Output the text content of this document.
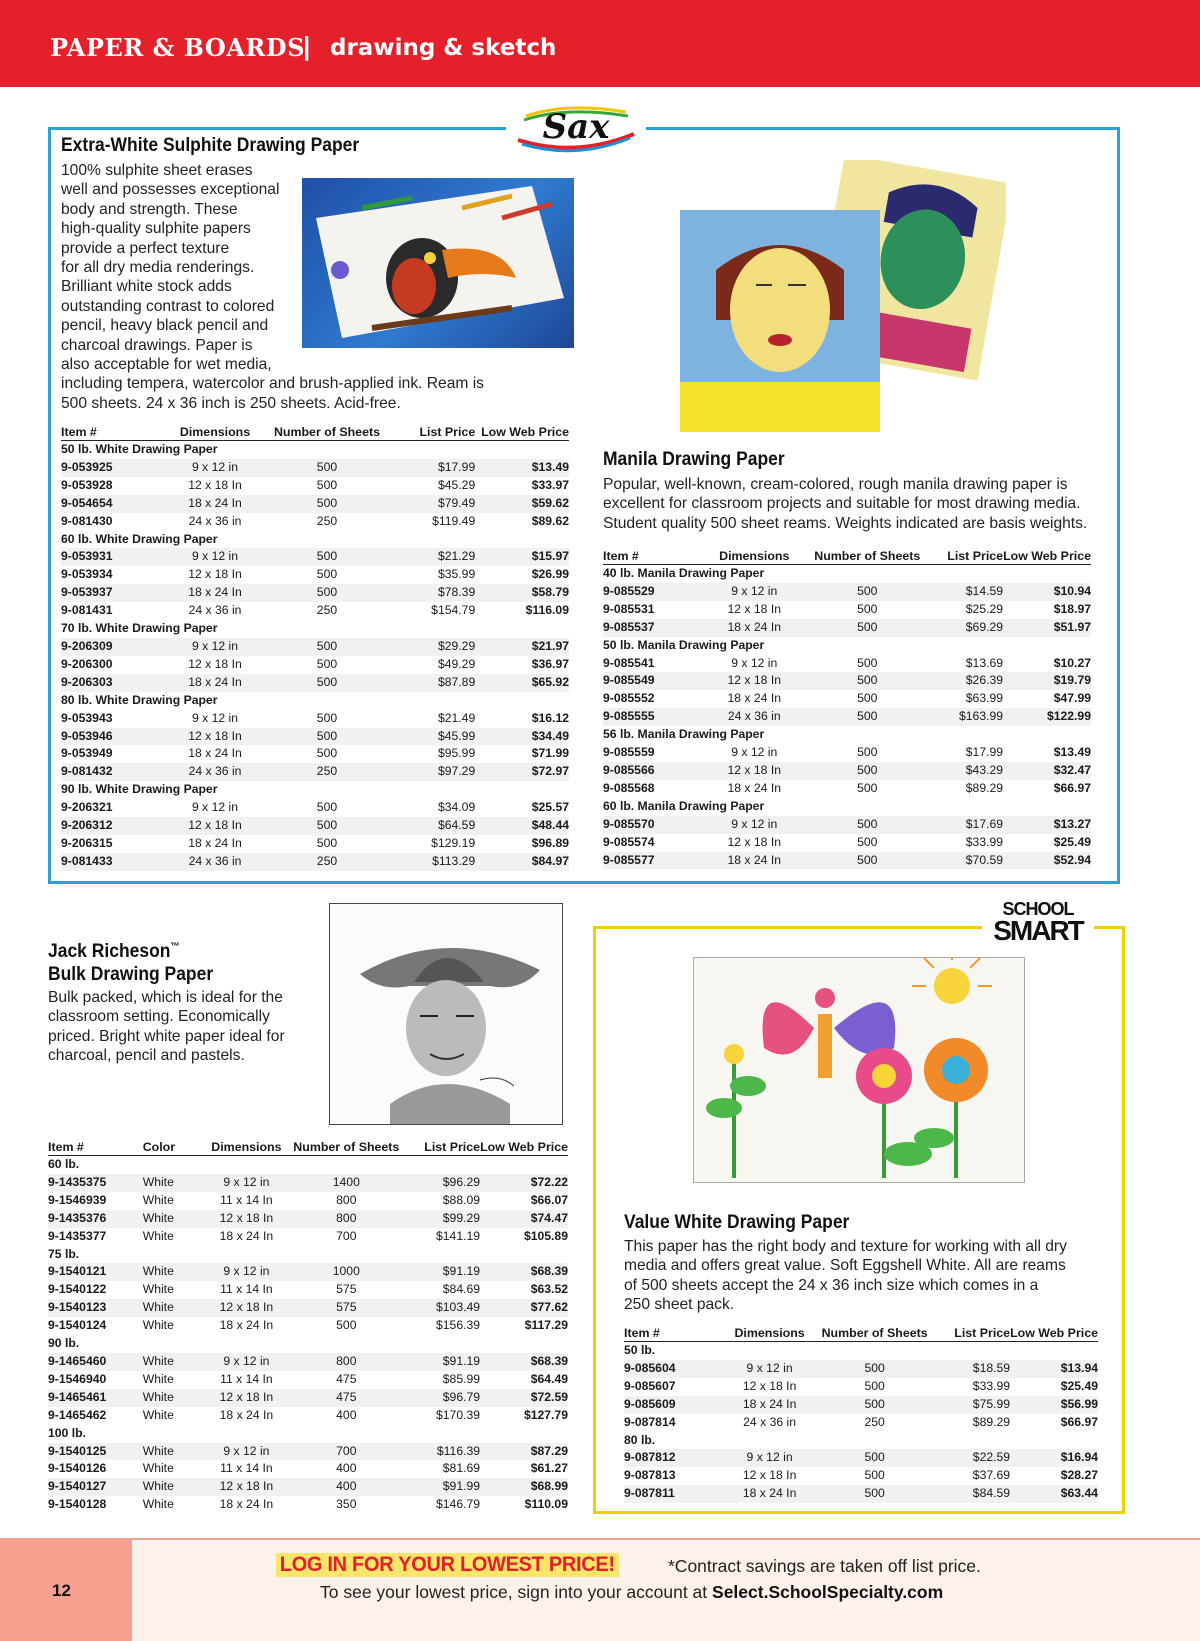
PAPER & BOARDS
| drawing & sketch
Sax
Extra-White Sulphite Drawing Paper
100% sulphite sheet erases
well and possesses exceptional
body and strength. These
high-quality sulphite papers
provide a perfect texture
for all dry media renderings.
Brilliant white stock adds
outstanding contrast to colored
pencil, heavy black pencil and
charcoal drawings. Paper is
also acceptable for wet media,
including tempera, watercolor and brush-applied ink. Ream is
500 sheets. 24 x 36 inch is 250 sheets. Acid-free.
Item #	Dimensions	Number of Sheets	List Price	Low Web Price
50 lb. White Drawing Paper				
9-053925	9 x 12 in	500	$17.99	$13.49
9-053928	12 x 18 In	500	$45.29	$33.97
9-054654	18 x 24 In	500	$79.49	$59.62
9-081430	24 x 36 in	250	$119.49	$89.62
60 lb. White Drawing Paper				
9-053931	9 x 12 in	500	$21.29	$15.97
9-053934	12 x 18 In	500	$35.99	$26.99
9-053937	18 x 24 In	500	$78.39	$58.79
9-081431	24 x 36 in	250	$154.79	$116.09
70 lb. White Drawing Paper				
9-206309	9 x 12 in	500	$29.29	$21.97
9-206300	12 x 18 In	500	$49.29	$36.97
9-206303	18 x 24 In	500	$87.89	$65.92
80 lb. White Drawing Paper				
9-053943	9 x 12 in	500	$21.49	$16.12
9-053946	12 x 18 In	500	$45.99	$34.49
9-053949	18 x 24 In	500	$95.99	$71.99
9-081432	24 x 36 in	250	$97.29	$72.97
90 lb. White Drawing Paper				
9-206321	9 x 12 in	500	$34.09	$25.57
9-206312	12 x 18 In	500	$64.59	$48.44
9-206315	18 x 24 In	500	$129.19	$96.89
9-081433	24 x 36 in	250	$113.29	$84.97
Manila Drawing Paper
Popular, well-known, cream-colored, rough manila drawing paper is
excellent for classroom projects and suitable for most drawing media.
Student quality 500 sheet reams. Weights indicated are basis weights.
Item #	Dimensions	Number of Sheets	List Price	Low Web Price
40 lb. Manila Drawing Paper				
9-085529	9 x 12 in	500	$14.59	$10.94
9-085531	12 x 18 In	500	$25.29	$18.97
9-085537	18 x 24 In	500	$69.29	$51.97
50 lb. Manila Drawing Paper				
9-085541	9 x 12 in	500	$13.69	$10.27
9-085549	12 x 18 In	500	$26.39	$19.79
9-085552	18 x 24 In	500	$63.99	$47.99
9-085555	24 x 36 in	500	$163.99	$122.99
56 lb. Manila Drawing Paper				
9-085559	9 x 12 in	500	$17.99	$13.49
9-085566	12 x 18 In	500	$43.29	$32.47
9-085568	18 x 24 In	500	$89.29	$66.97
60 lb. Manila Drawing Paper				
9-085570	9 x 12 in	500	$17.69	$13.27
9-085574	12 x 18 In	500	$33.99	$25.49
9-085577	18 x 24 In	500	$70.59	$52.94
Jack Richeson™
Bulk Drawing Paper
Bulk packed, which is ideal for the
classroom setting. Economically
priced. Bright white paper ideal for
charcoal, pencil and pastels.
Item #	Color	Dimensions	Number of Sheets	List Price	Low Web Price
60 lb.					
9-1435375	White	9 x 12 in	1400	$96.29	$72.22
9-1546939	White	11 x 14 In	800	$88.09	$66.07
9-1435376	White	12 x 18 In	800	$99.29	$74.47
9-1435377	White	18 x 24 In	700	$141.19	$105.89
75 lb.					
9-1540121	White	9 x 12 in	1000	$91.19	$68.39
9-1540122	White	11 x 14 In	575	$84.69	$63.52
9-1540123	White	12 x 18 In	575	$103.49	$77.62
9-1540124	White	18 x 24 In	500	$156.39	$117.29
90 lb.					
9-1465460	White	9 x 12 in	800	$91.19	$68.39
9-1546940	White	11 x 14 In	475	$85.99	$64.49
9-1465461	White	12 x 18 In	475	$96.79	$72.59
9-1465462	White	18 x 24 In	400	$170.39	$127.79
100 lb.					
9-1540125	White	9 x 12 in	700	$116.39	$87.29
9-1540126	White	11 x 14 In	400	$81.69	$61.27
9-1540127	White	12 x 18 In	400	$91.99	$68.99
9-1540128	White	18 x 24 In	350	$146.79	$110.09
SCHOOL
SMART
Value White Drawing Paper
This paper has the right body and texture for working with all dry
media and offers great value. Soft Eggshell White. All are reams
of 500 sheets accept the 24 x 36 inch size which comes in a
250 sheet pack.
Item #	Dimensions	Number of Sheets	List Price	Low Web Price
50 lb.				
9-085604	9 x 12 in	500	$18.59	$13.94
9-085607	12 x 18 In	500	$33.99	$25.49
9-085609	18 x 24 In	500	$75.99	$56.99
9-087814	24 x 36 in	250	$89.29	$66.97
80 lb.				
9-087812	9 x 12 in	500	$22.59	$16.94
9-087813	12 x 18 In	500	$37.69	$28.27
9-087811	18 x 24 In	500	$84.59	$63.44
12
LOG IN FOR YOUR LOWEST PRICE!	*Contract savings are taken off list price.
To see your lowest price, sign into your account at Select.SchoolSpecialty.com
